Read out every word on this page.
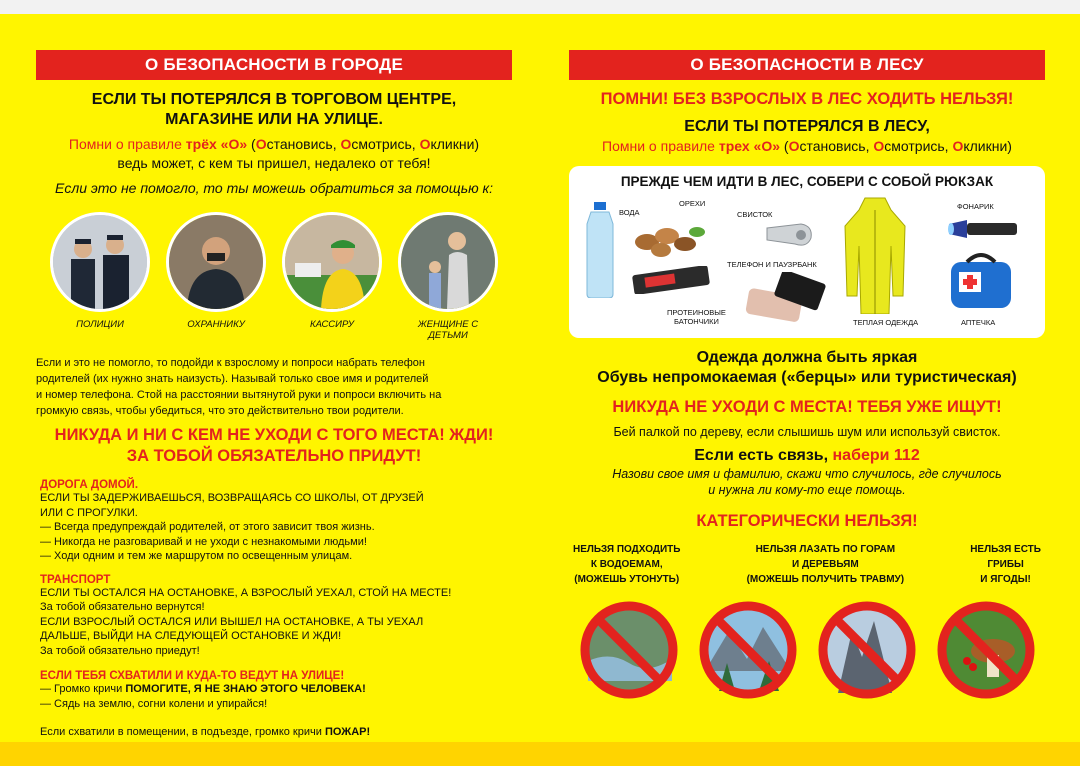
О БЕЗОПАСНОСТИ В ГОРОДЕ
ЕСЛИ ТЫ ПОТЕРЯЛСЯ В ТОРГОВОМ ЦЕНТРЕ,
МАГАЗИНЕ ИЛИ НА УЛИЦЕ.
Помни о правиле трёх «О» (Остановись, Осмотрись, Окликни)
ведь может, с кем ты пришел, недалеко от тебя!
Если это не помогло, то ты можешь обратиться за помощью к:
ПОЛИЦИИ	ОХРАННИКУ	КАССИРУ	ЖЕНЩИНЕ С ДЕТЬМИ
Если и это не помогло, то подойди к взрослому и попроси набрать телефон
родителей (их нужно знать наизусть). Называй только свое имя и родителей
и номер телефона. Стой на расстоянии вытянутой руки и попроси включить на
громкую связь, чтобы убедиться, что это действительно твои родители.
НИКУДА И НИ С КЕМ НЕ УХОДИ С ТОГО МЕСТА! ЖДИ!
ЗА ТОБОЙ ОБЯЗАТЕЛЬНО ПРИДУТ!
ДОРОГА ДОМОЙ.
ЕСЛИ ТЫ ЗАДЕРЖИВАЕШЬСЯ, ВОЗВРАЩАЯСЬ СО ШКОЛЫ, ОТ ДРУЗЕЙ
ИЛИ С ПРОГУЛКИ.
— Всегда предупреждай родителей, от этого зависит твоя жизнь.
— Никогда не разговаривай и не уходи с незнакомыми людьми!
— Ходи одним и тем же маршрутом по освещенным улицам.
ТРАНСПОРТ
ЕСЛИ ТЫ ОСТАЛСЯ НА ОСТАНОВКЕ, А ВЗРОСЛЫЙ УЕХАЛ, СТОЙ НА МЕСТЕ!
За тобой обязательно вернутся!
ЕСЛИ ВЗРОСЛЫЙ ОСТАЛСЯ ИЛИ ВЫШЕЛ НА ОСТАНОВКЕ, А ТЫ УЕХАЛ
ДАЛЬШЕ, ВЫЙДИ НА СЛЕДУЮЩЕЙ ОСТАНОВКЕ И ЖДИ!
За тобой обязательно приедут!
ЕСЛИ ТЕБЯ СХВАТИЛИ И КУДА-ТО ВЕДУТ НА УЛИЦЕ!
— Громко кричи ПОМОГИТЕ, Я НЕ ЗНАЮ ЭТОГО ЧЕЛОВЕКА!
— Сядь на землю, согни колени и упирайся!
Если схватили в помещении, в подъезде, громко кричи ПОЖАР!
О БЕЗОПАСНОСТИ В ЛЕСУ
ПОМНИ! БЕЗ ВЗРОСЛЫХ В ЛЕС ХОДИТЬ НЕЛЬЗЯ!
ЕСЛИ ТЫ ПОТЕРЯЛСЯ В ЛЕСУ,
Помни о правиле трех «О» (Остановись, Осмотрись, Окликни)
ПРЕЖДЕ ЧЕМ ИДТИ В ЛЕС, СОБЕРИ С СОБОЙ РЮКЗАК
ВОДА
ОРЕХИ
ПРОТЕИНОВЫЕ
БАТОНЧИКИ
СВИСТОК
ТЕЛЕФОН И ПАУЗРБАНК
ТЕПЛАЯ ОДЕЖДА
ФОНАРИК
АПТЕЧКА
Одежда должна быть яркая
Обувь непромокаемая («берцы» или туристическая)
НИКУДА НЕ УХОДИ С МЕСТА! ТЕБЯ УЖЕ ИЩУТ!
Бей палкой по дереву, если слышишь шум или используй свисток.
Если есть связь, набери 112
Назови свое имя и фамилию, скажи что случилось, где случилось
и нужна ли кому-то еще помощь.
КАТЕГОРИЧЕСКИ НЕЛЬЗЯ!
НЕЛЬЗЯ ПОДХОДИТЬ
К ВОДОЕМАМ,
(МОЖЕШЬ УТОНУТЬ)
НЕЛЬЗЯ ЛАЗАТЬ ПО ГОРАМ
И ДЕРЕВЬЯМ
(МОЖЕШЬ ПОЛУЧИТЬ ТРАВМУ)
НЕЛЬЗЯ ЕСТЬ
ГРИБЫ
И ЯГОДЫ!
